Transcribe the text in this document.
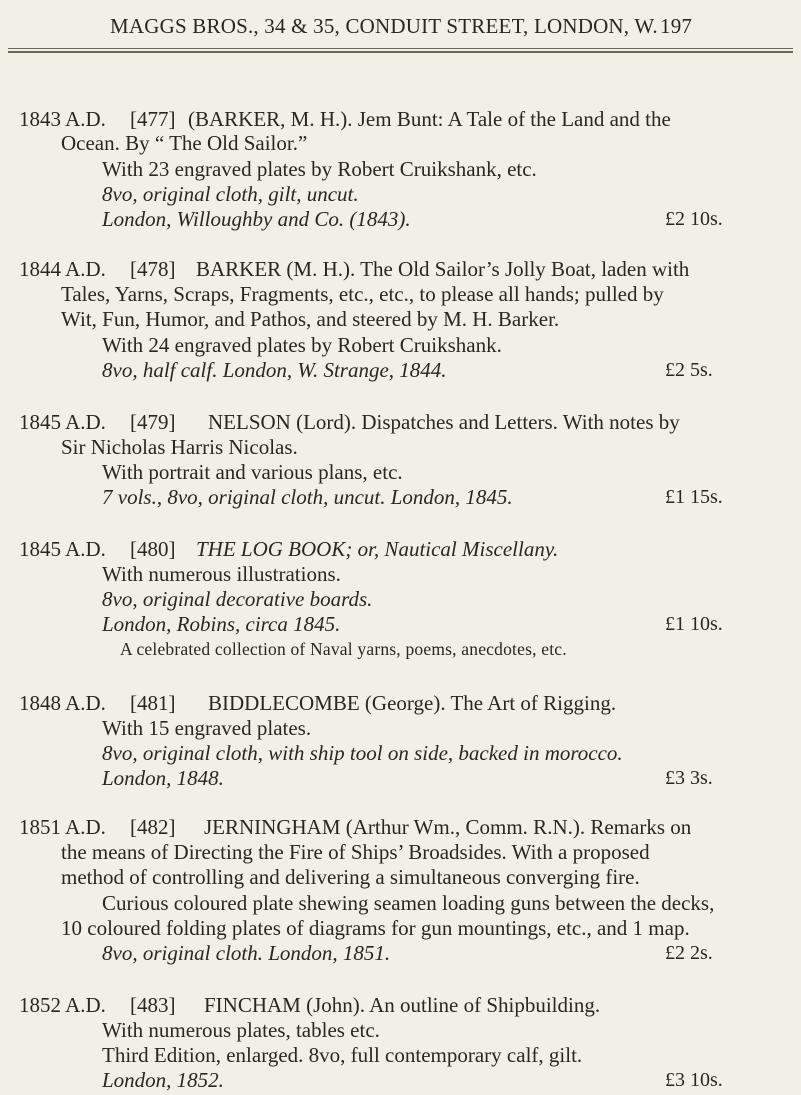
MAGGS BROS., 34 & 35, CONDUIT STREET, LONDON, W. 197
1843 A.D. [477] (BARKER, M. H.). Jem Bunt: A Tale of the Land and the
Ocean. By “ The Old Sailor.”
With 23 engraved plates by Robert Cruikshank, etc.
8vo, original cloth, gilt, uncut.
London, Willoughby and Co. (1843).	£2 10s.
1844 A.D. [478] BARKER (M. H.). The Old Sailor’s Jolly Boat, laden with
Tales, Yarns, Scraps, Fragments, etc., etc., to please all hands; pulled by
Wit, Fun, Humor, and Pathos, and steered by M. H. Barker.
With 24 engraved plates by Robert Cruikshank.
8vo, half calf. London, W. Strange, 1844.	£2 5s.
1845 A.D. [479] NELSON (Lord). Dispatches and Letters. With notes by
Sir Nicholas Harris Nicolas.
With portrait and various plans, etc.
7 vols., 8vo, original cloth, uncut. London, 1845.	£1 15s.
1845 A.D. [480] THE LOG BOOK; or, Nautical Miscellany.
With numerous illustrations.
8vo, original decorative boards.
London, Robins, circa 1845.	£1 10s.
A celebrated collection of Naval yarns, poems, anecdotes, etc.
1848 A.D. [481] BIDDLECOMBE (George). The Art of Rigging.
With 15 engraved plates.
8vo, original cloth, with ship tool on side, backed in morocco.
London, 1848.	£3 3s.
1851 A.D. [482] JERNINGHAM (Arthur Wm., Comm. R.N.). Remarks on
the means of Directing the Fire of Ships’ Broadsides. With a proposed
method of controlling and delivering a simultaneous converging fire.
Curious coloured plate shewing seamen loading guns between the decks,
10 coloured folding plates of diagrams for gun mountings, etc., and 1 map.
8vo, original cloth. London, 1851.	£2 2s.
1852 A.D. [483] FINCHAM (John). An outline of Shipbuilding.
With numerous plates, tables etc.
Third Edition, enlarged. 8vo, full contemporary calf, gilt.
London, 1852.	£3 10s.
